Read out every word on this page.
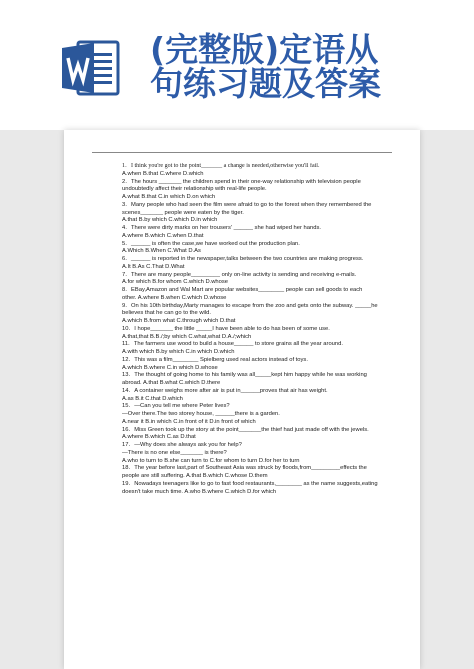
(完整版)定语从
句练习题及答案
1．I think you're got to the point_______ a change is needed,otherwise you'll fail.
A.when B.that C.where D.which
2．The hours _______ the children spend in their one-way relationship with television people
undoubtedly affect their relationship with real-life people.
A.what B.that C.in which D.on which
3．Many people who had seen the film were afraid to go to the forest when they remembered the
scenes_______ people were eaten by the tiger.
A.that B.by which C.which D.in which
4．There were dirty marks on her trousers' ______ she had wiped her hands.
A.where B.which C.when D.that
5．______ is often the case,we have worked out the production plan.
A.Which B.When C.What D.As
6．______ is reported in the newspaper,talks between the two countries are making progress.
A.It B.As C.That D.What
7．There are many people_________ only on-line activity is sending and receiving e-mails.
A.for which B.for whom C.which D.whose
8．EBay,Amazon and Wal Mart are popular websites________ people can sell goods to each
other. A.where B.when C.which D.whose
9．On his 10th birthday,Marty manages to escape from the zoo and gets onto the subway. _____he
believes that he can go to the wild.
A.which B.from what C.through which D.that
10．I hope_______ the little _____I have been able to do has been of some use.
A.that,that B.B./;by which C.what,what D.A./;which
11．The farmers use wood to build a house______ to store grains all the year around.
A.with which B.by which C.in which D.which
12．This was a film________ Spielberg used real actors instead of toys.
A.which B.where C.in which D.whose
13．The thought of going home to his family was all_____kept him happy while he was working
abroad. A.that B.what C.which D.there
14．A container weighs more after air is put in______proves that air has weight.
A.as B.it C.that D.which
15．—Can you tell me where Peter lives?
—Over there.The two storey house, ______there is a garden.
A.near it B.in which C.in front of it D.in front of which
16．Miss Green took up the story at the point_______the thief had just made off with the jewels.
A.where B.which C.as D.that
17．—Why does she always ask you for help?
—There is no one else_______ is there?
A.who to turn to B.she can turn to C.for whom to turn D.for her to turn
18．The year before last,part of Southeast Asia was struck by floods,from_________effects the
people are still suffering. A.that B.which C.whose D.them
19．Nowadays teenagers like to go to fast food restaurants,________ as the name suggests,eating
doesn't take much time. A.who B.where C.which D.for which
